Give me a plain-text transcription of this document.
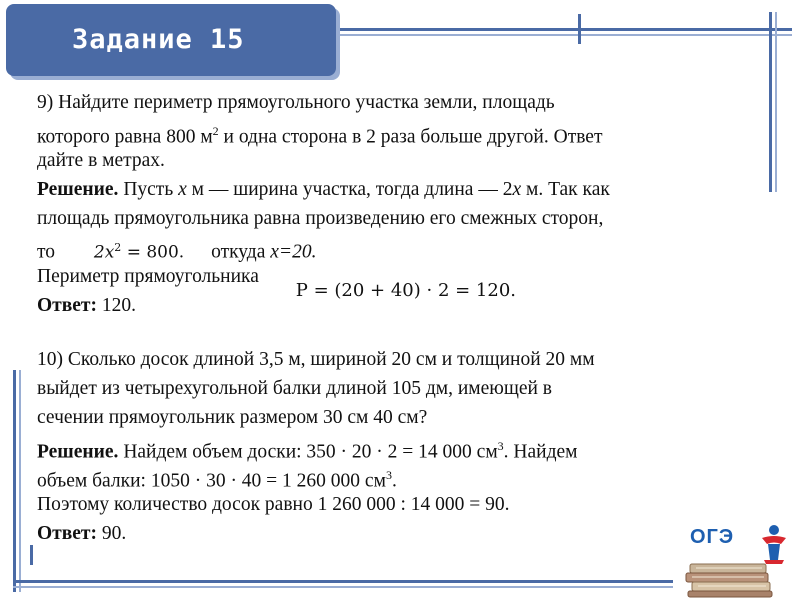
Задание 15
9) Найдите периметр прямоугольного участка земли, площадь
которого равна 800 $м^2$ и одна сторона в 2 раза больше другой. Ответ
дайте в метрах.
Решение. Пусть x м — ширина участка, тогда длина — 2x м. Так как
площадь прямоугольника равна произведению его смежных сторон,
то $2x^2 = 800$. откуда x=20.
Периметр прямоугольника P = (20 + 40) · 2 = 120.
Ответ: 120.
10) Сколько досок длиной 3,5 м, шириной 20 см и толщиной 20 мм
выйдет из четырехугольной балки длиной 105 дм, имеющей в
сечении прямоугольник размером 30 см 40 см?
Решение. Найдем объем доски: 350 · 20 · 2 = 14 000 $см^3$. Найдем
объем балки: 1050 · 30 · 40 = 1 260 000 $см^3$.
Поэтому количество досок равно 1 260 000 : 14 000 = 90.
Ответ: 90.	ОГЭ
